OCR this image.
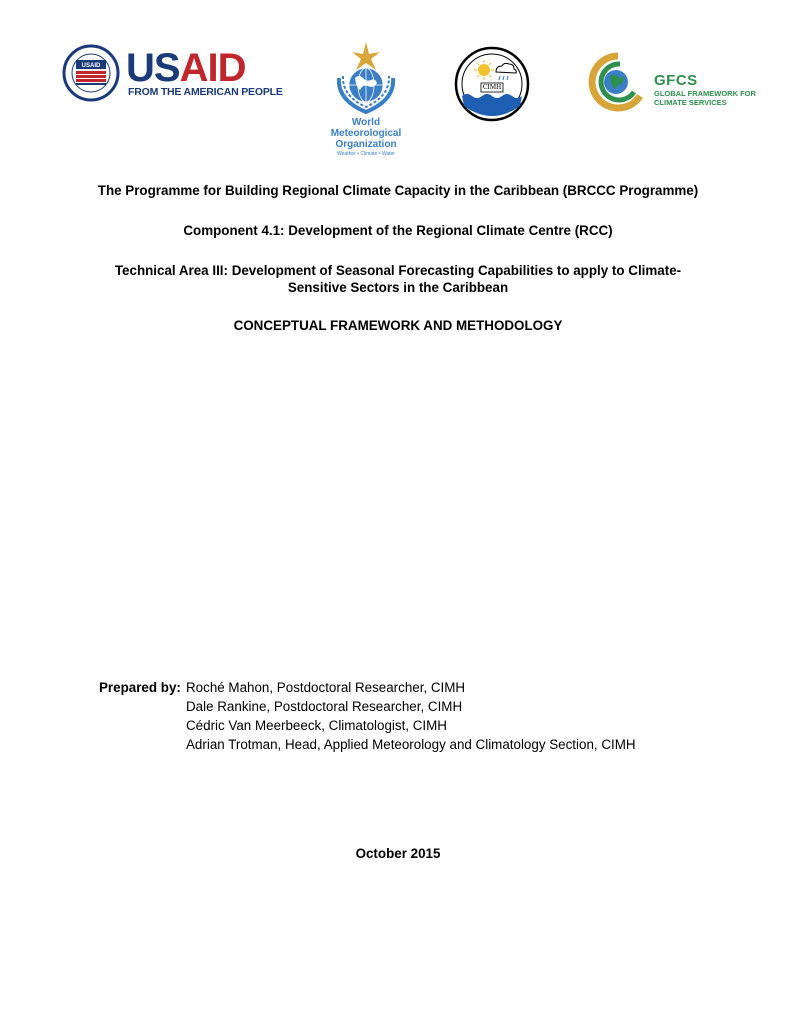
USAID USAID
FROM THE AMERICAN PEOPLE
World Meteorological Organization
Weather • Climate • Water
CIMH	GFCS
GLOBAL FRAMEWORK FOR
CLIMATE SERVICES
The Programme for Building Regional Climate Capacity in the Caribbean (BRCCC Programme)
Component 4.1: Development of the Regional Climate Centre (RCC)
Technical Area III: Development of Seasonal Forecasting Capabilities to apply to Climate-
Sensitive Sectors in the Caribbean
CONCEPTUAL FRAMEWORK AND METHODOLOGY
Prepared by: Roché Mahon, Postdoctoral Researcher, CIMH
Dale Rankine, Postdoctoral Researcher, CIMH
Cédric Van Meerbeeck, Climatologist, CIMH
Adrian Trotman, Head, Applied Meteorology and Climatology Section, CIMH
October 2015
